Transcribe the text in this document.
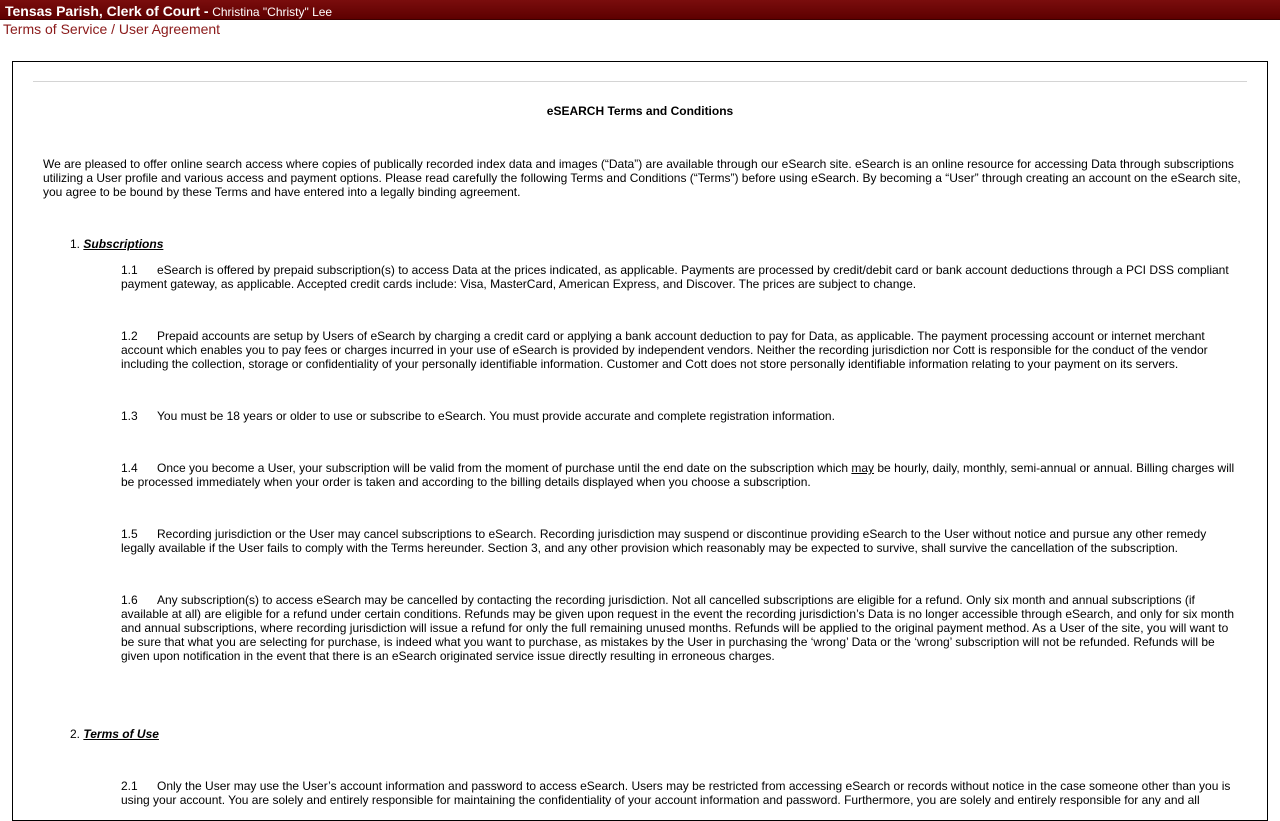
Tensas Parish, Clerk of Court - Christina "Christy" Lee
Terms of Service / User Agreement
eSEARCH Terms and Conditions
We are pleased to offer online search access where copies of publically recorded index data and images (“Data”) are available through our eSearch site. eSearch is an online resource for accessing Data through subscriptions utilizing a User profile and various access and payment options. Please read carefully the following Terms and Conditions (“Terms”) before using eSearch. By becoming a “User” through creating an account on the eSearch site, you agree to be bound by these Terms and have entered into a legally binding agreement.
1. Subscriptions
1.1 eSearch is offered by prepaid subscription(s) to access Data at the prices indicated, as applicable. Payments are processed by credit/debit card or bank account deductions through a PCI DSS compliant payment gateway, as applicable. Accepted credit cards include: Visa, MasterCard, American Express, and Discover. The prices are subject to change.
1.2 Prepaid accounts are setup by Users of eSearch by charging a credit card or applying a bank account deduction to pay for Data, as applicable. The payment processing account or internet merchant account which enables you to pay fees or charges incurred in your use of eSearch is provided by independent vendors. Neither the recording jurisdiction nor Cott is responsible for the conduct of the vendor including the collection, storage or confidentiality of your personally identifiable information. Customer and Cott does not store personally identifiable information relating to your payment on its servers.
1.3 You must be 18 years or older to use or subscribe to eSearch. You must provide accurate and complete registration information.
1.4 Once you become a User, your subscription will be valid from the moment of purchase until the end date on the subscription which may be hourly, daily, monthly, semi-annual or annual. Billing charges will be processed immediately when your order is taken and according to the billing details displayed when you choose a subscription.
1.5 Recording jurisdiction or the User may cancel subscriptions to eSearch. Recording jurisdiction may suspend or discontinue providing eSearch to the User without notice and pursue any other remedy legally available if the User fails to comply with the Terms hereunder. Section 3, and any other provision which reasonably may be expected to survive, shall survive the cancellation of the subscription.
1.6 Any subscription(s) to access eSearch may be cancelled by contacting the recording jurisdiction. Not all cancelled subscriptions are eligible for a refund. Only six month and annual subscriptions (if available at all) are eligible for a refund under certain conditions. Refunds may be given upon request in the event the recording jurisdiction’s Data is no longer accessible through eSearch, and only for six month and annual subscriptions, where recording jurisdiction will issue a refund for only the full remaining unused months. Refunds will be applied to the original payment method. As a User of the site, you will want to be sure that what you are selecting for purchase, is indeed what you want to purchase, as mistakes by the User in purchasing the ‘wrong’ Data or the ‘wrong’ subscription will not be refunded. Refunds will be given upon notification in the event that there is an eSearch originated service issue directly resulting in erroneous charges.
2. Terms of Use
2.1 Only the User may use the User’s account information and password to access eSearch. Users may be restricted from accessing eSearch or records without notice in the case someone other than you is using your account. You are solely and entirely responsible for maintaining the confidentiality of your account information and password. Furthermore, you are solely and entirely responsible for any and all
